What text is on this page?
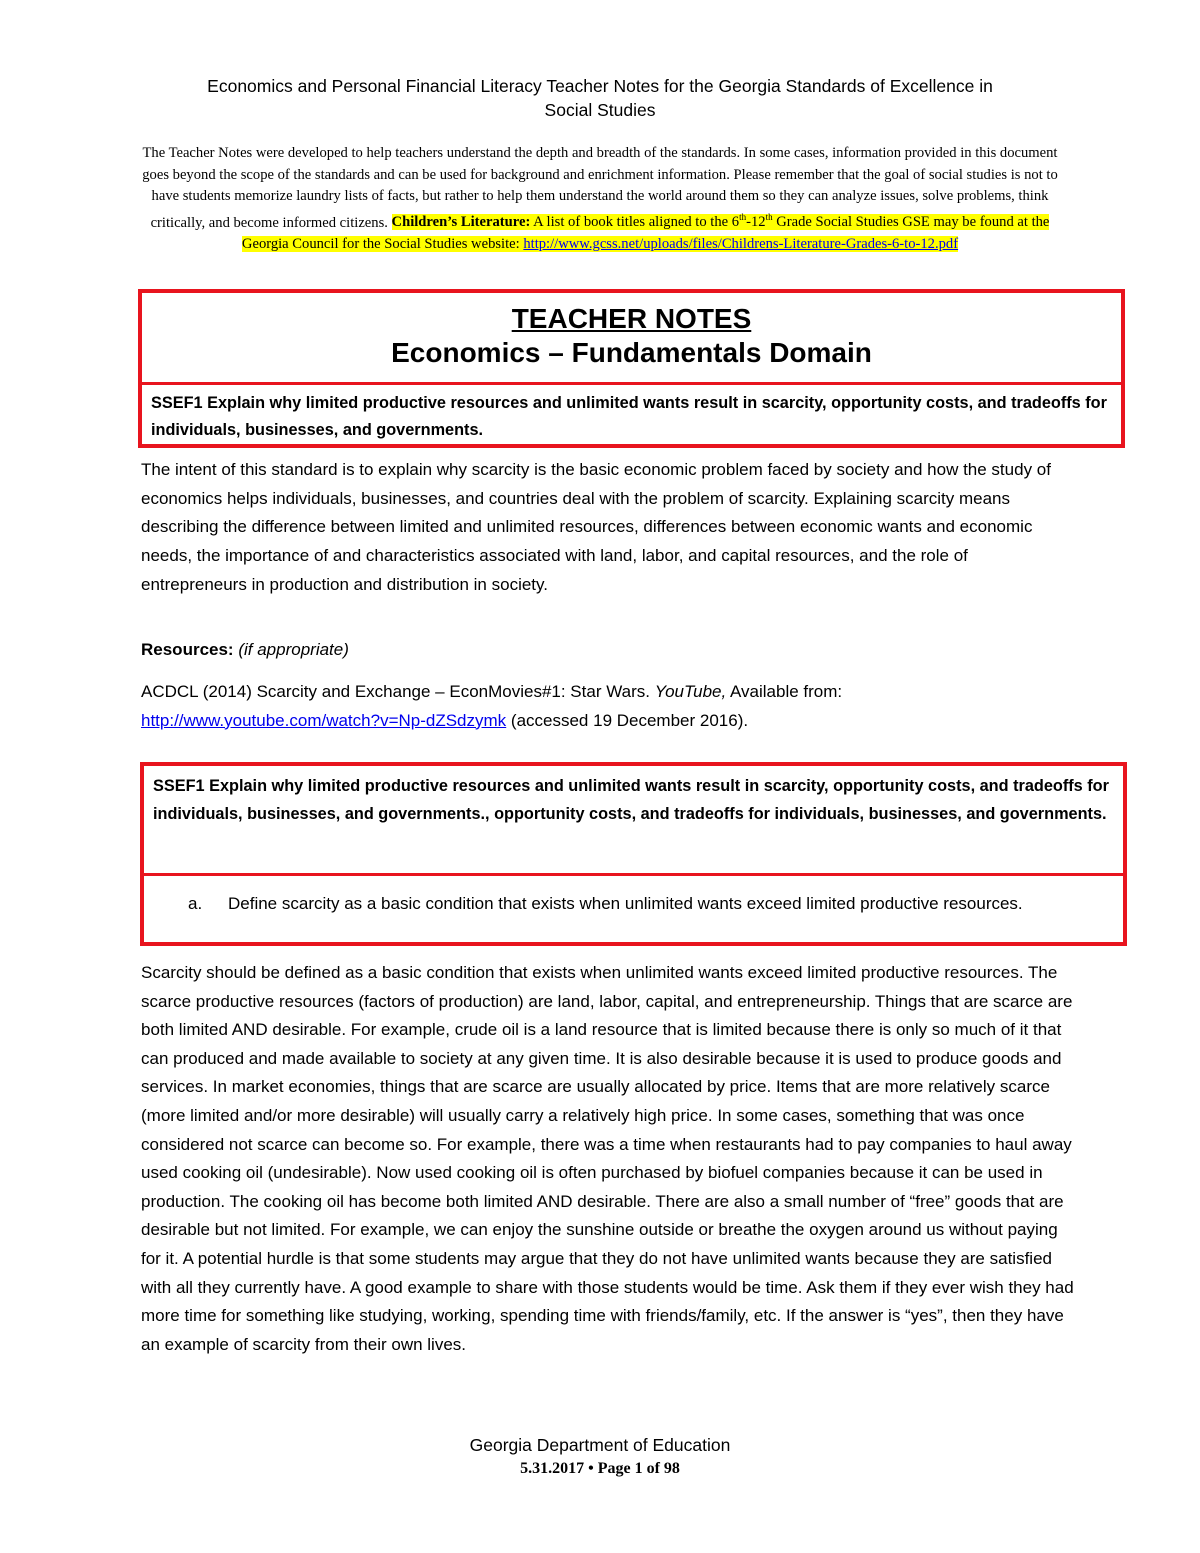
Economics and Personal Financial Literacy Teacher Notes for the Georgia Standards of Excellence in
Social Studies
The Teacher Notes were developed to help teachers understand the depth and breadth of the standards. In some cases, information provided in this document goes beyond the scope of the standards and can be used for background and enrichment information. Please remember that the goal of social studies is not to have students memorize laundry lists of facts, but rather to help them understand the world around them so they can analyze issues, solve problems, think critically, and become informed citizens. Children’s Literature: A list of book titles aligned to the 6th-12th Grade Social Studies GSE may be found at the Georgia Council for the Social Studies website: http://www.gcss.net/uploads/files/Childrens-Literature-Grades-6-to-12.pdf
TEACHER NOTES
Economics – Fundamentals Domain
SSEF1 Explain why limited productive resources and unlimited wants result in scarcity, opportunity costs, and tradeoffs for individuals, businesses, and governments.
The intent of this standard is to explain why scarcity is the basic economic problem faced by society and how the study of economics helps individuals, businesses, and countries deal with the problem of scarcity. Explaining scarcity means describing the difference between limited and unlimited resources, differences between economic wants and economic needs, the importance of and characteristics associated with land, labor, and capital resources, and the role of entrepreneurs in production and distribution in society.
Resources: (if appropriate)
ACDCL (2014) Scarcity and Exchange – EconMovies#1: Star Wars. YouTube, Available from:
http://www.youtube.com/watch?v=Np-dZSdzymk (accessed 19 December 2016).
SSEF1 Explain why limited productive resources and unlimited wants result in scarcity, opportunity costs, and tradeoffs for individuals, businesses, and governments., opportunity costs, and tradeoffs for individuals, businesses, and governments.
a. Define scarcity as a basic condition that exists when unlimited wants exceed limited productive resources.
Scarcity should be defined as a basic condition that exists when unlimited wants exceed limited productive resources. The scarce productive resources (factors of production) are land, labor, capital, and entrepreneurship. Things that are scarce are both limited AND desirable. For example, crude oil is a land resource that is limited because there is only so much of it that can produced and made available to society at any given time. It is also desirable because it is used to produce goods and services. In market economies, things that are scarce are usually allocated by price. Items that are more relatively scarce (more limited and/or more desirable) will usually carry a relatively high price. In some cases, something that was once considered not scarce can become so. For example, there was a time when restaurants had to pay companies to haul away used cooking oil (undesirable). Now used cooking oil is often purchased by biofuel companies because it can be used in production. The cooking oil has become both limited AND desirable. There are also a small number of “free” goods that are desirable but not limited. For example, we can enjoy the sunshine outside or breathe the oxygen around us without paying for it. A potential hurdle is that some students may argue that they do not have unlimited wants because they are satisfied with all they currently have. A good example to share with those students would be time. Ask them if they ever wish they had more time for something like studying, working, spending time with friends/family, etc. If the answer is “yes”, then they have an example of scarcity from their own lives.
Georgia Department of Education
5.31.2017 • Page 1 of 98
